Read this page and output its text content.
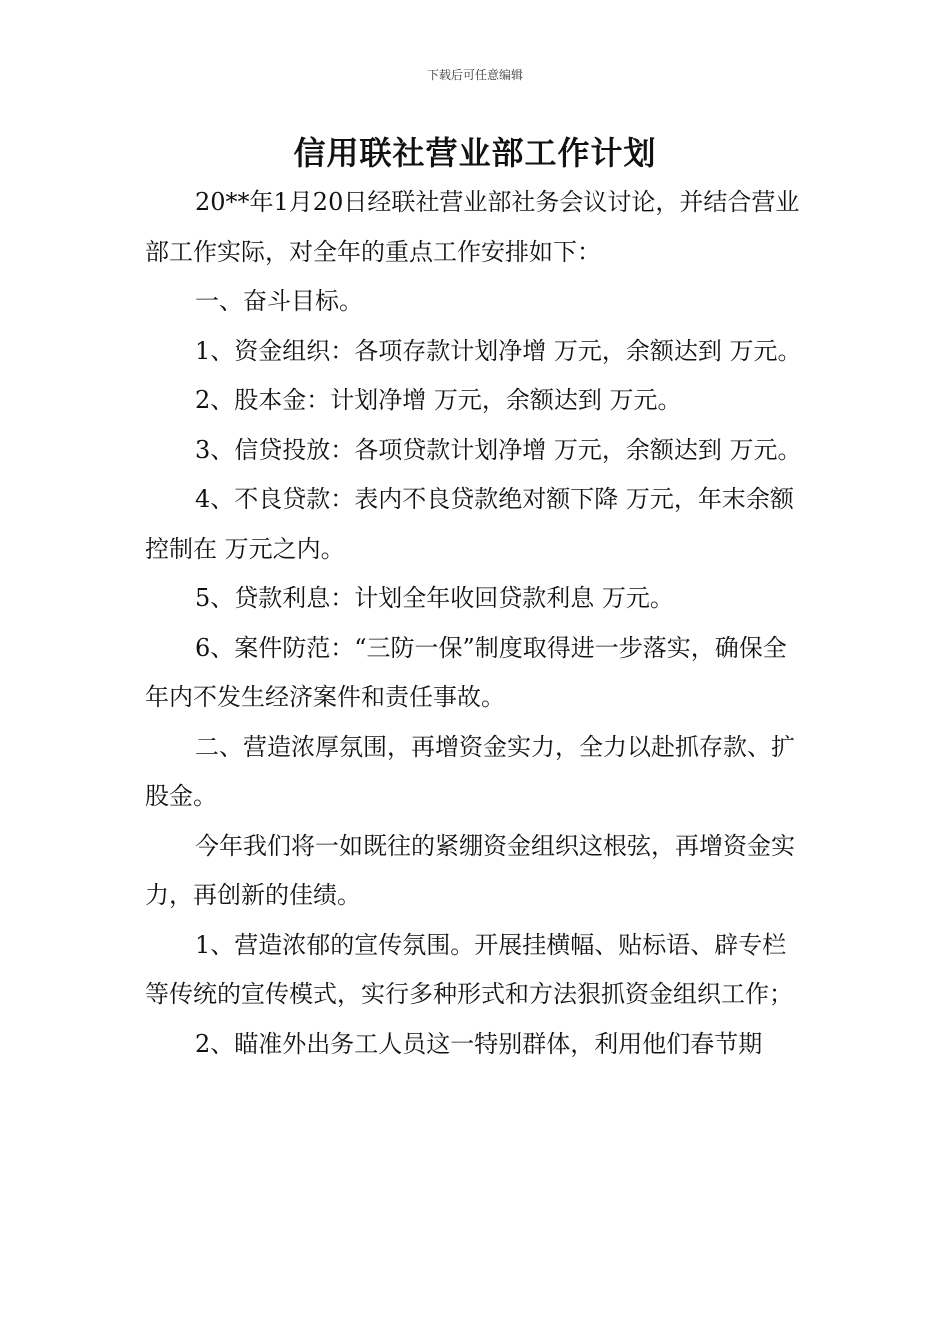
下载后可任意编辑
信用联社营业部工作计划

20**年1月20日经联社营业部社务会议讨论，并结合营业部工作实际，对全年的重点工作安排如下：

一、奋斗目标。

1、资金组织：各项存款计划净增 万元，余额达到 万元。

2、股本金：计划净增 万元，余额达到 万元。

3、信贷投放：各项贷款计划净增 万元，余额达到 万元。

4、不良贷款：表内不良贷款绝对额下降 万元，年末余额控制在 万元之内。

5、贷款利息：计划全年收回贷款利息 万元。

6、案件防范：“三防一保”制度取得进一步落实，确保全年内不发生经济案件和责任事故。

二、营造浓厚氛围，再增资金实力，全力以赴抓存款、扩股金。

今年我们将一如既往的紧绷资金组织这根弦，再增资金实力，再创新的佳绩。

1、营造浓郁的宣传氛围。开展挂横幅、贴标语、辟专栏等传统的宣传模式，实行多种形式和方法狠抓资金组织工作；

2、瞄准外出务工人员这一特别群体，利用他们春节期
